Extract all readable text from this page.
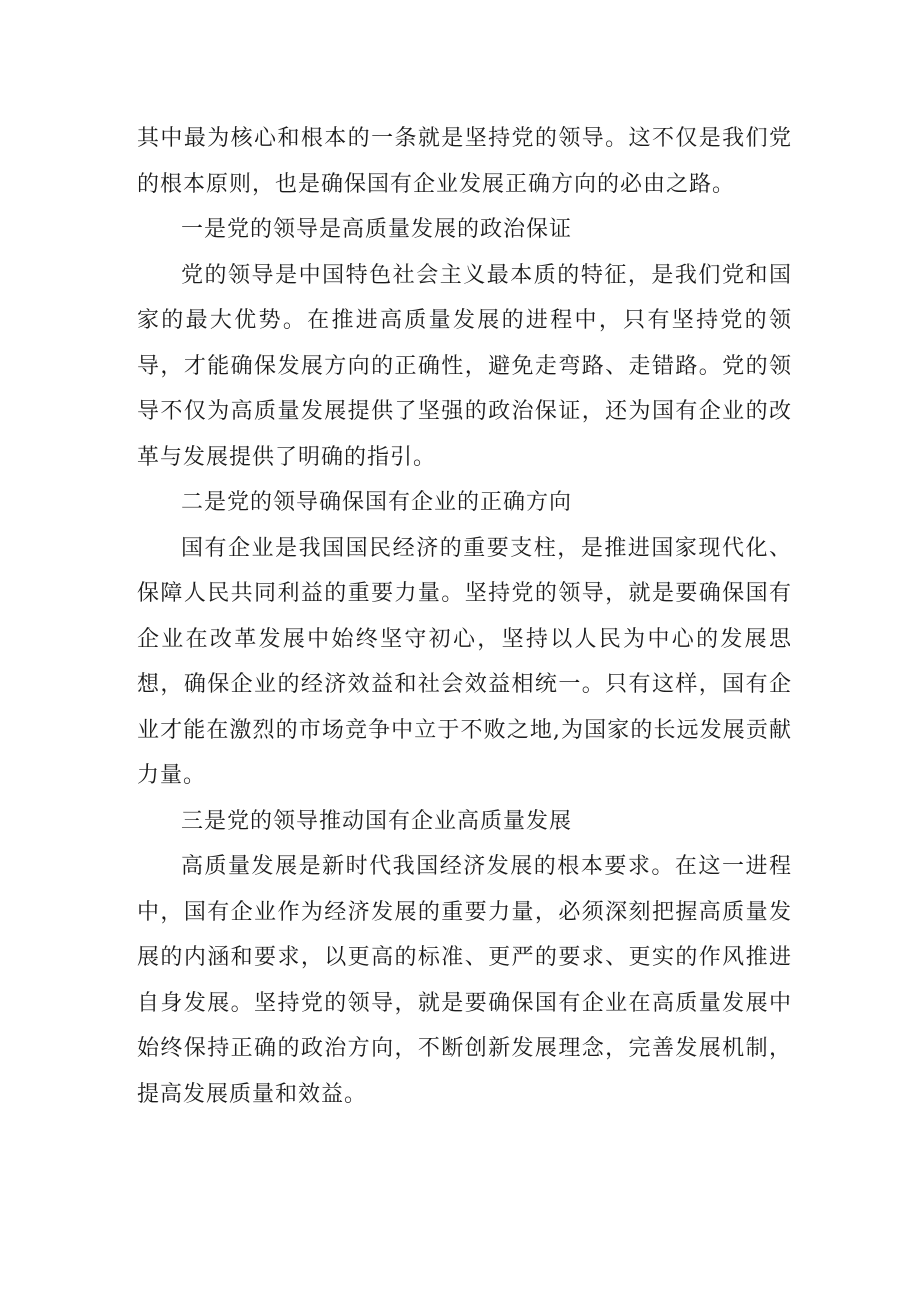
其中最为核心和根本的一条就是坚持党的领导。这不仅是我们党的根本原则，也是确保国有企业发展正确方向的必由之路。

一是党的领导是高质量发展的政治保证

党的领导是中国特色社会主义最本质的特征，是我们党和国家的最大优势。在推进高质量发展的进程中，只有坚持党的领导，才能确保发展方向的正确性，避免走弯路、走错路。党的领导不仅为高质量发展提供了坚强的政治保证，还为国有企业的改革与发展提供了明确的指引。

二是党的领导确保国有企业的正确方向

国有企业是我国国民经济的重要支柱，是推进国家现代化、保障人民共同利益的重要力量。坚持党的领导，就是要确保国有企业在改革发展中始终坚守初心，坚持以人民为中心的发展思想，确保企业的经济效益和社会效益相统一。只有这样，国有企业才能在激烈的市场竞争中立于不败之地,为国家的长远发展贡献力量。

三是党的领导推动国有企业高质量发展

高质量发展是新时代我国经济发展的根本要求。在这一进程中，国有企业作为经济发展的重要力量，必须深刻把握高质量发展的内涵和要求，以更高的标准、更严的要求、更实的作风推进自身发展。坚持党的领导，就是要确保国有企业在高质量发展中始终保持正确的政治方向，不断创新发展理念，完善发展机制，提高发展质量和效益。
